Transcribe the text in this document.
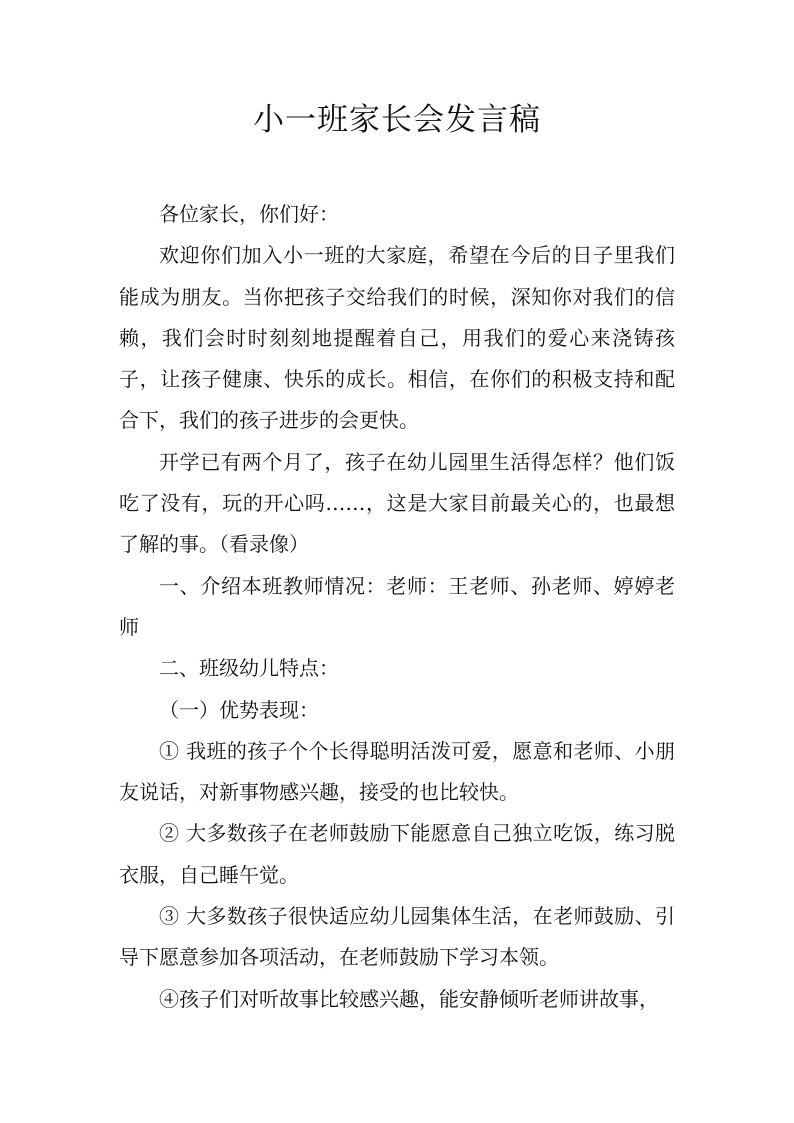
小一班家长会发言稿

各位家长，你们好：

欢迎你们加入小一班的大家庭，希望在今后的日子里我们能成为朋友。当你把孩子交给我们的时候，深知你对我们的信赖，我们会时时刻刻地提醒着自己，用我们的爱心来浇铸孩子，让孩子健康、快乐的成长。相信，在你们的积极支持和配合下，我们的孩子进步的会更快。

开学已有两个月了，孩子在幼儿园里生活得怎样？他们饭吃了没有，玩的开心吗……，这是大家目前最关心的，也最想了解的事。（看录像）

一、介绍本班教师情况：老师：王老师、孙老师、婷婷老师

二、班级幼儿特点：

（一）优势表现：

① 我班的孩子个个长得聪明活泼可爱，愿意和老师、小朋友说话，对新事物感兴趣，接受的也比较快。

② 大多数孩子在老师鼓励下能愿意自己独立吃饭，练习脱衣服，自己睡午觉。

③ 大多数孩子很快适应幼儿园集体生活，在老师鼓励、引导下愿意参加各项活动，在老师鼓励下学习本领。

④孩子们对听故事比较感兴趣，能安静倾听老师讲故事，
